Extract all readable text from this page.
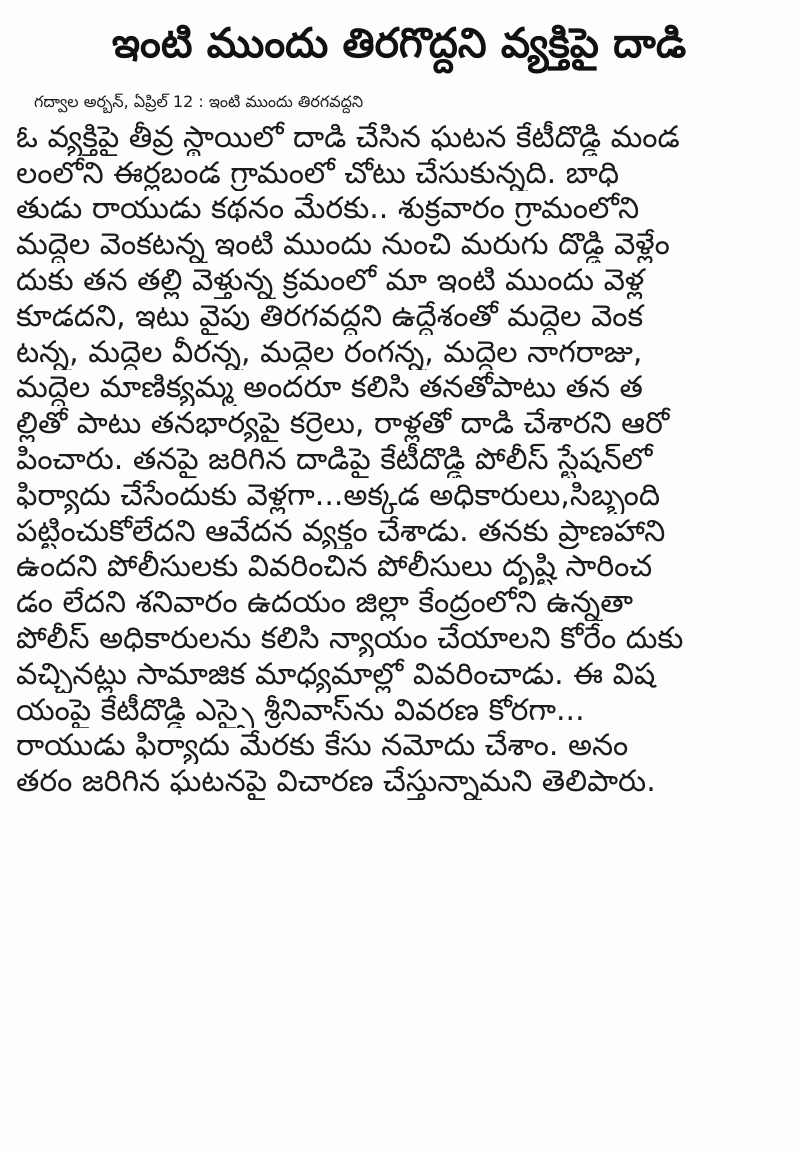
ఇంటి ముందు తిరగొద్దని వ్యక్తిపై దాడి
గద్వాల అర్బన్, ఏప్రిల్ 12 : ఇంటి ముందు తిరగవద్దని
ఓ వ్యక్తిపై తీవ్ర స్థాయిలో దాడి చేసిన ఘటన కేటీదొడ్డి మండ
లంలోని ఈర్లబండ గ్రామంలో చోటు చేసుకున్నది. బాధి
తుడు రాయుడు కథనం మేరకు.. శుక్రవారం గ్రామంలోని
మద్దెల వెంకటన్న ఇంటి ముందు నుంచి మరుగు దొడ్డి వెళ్లేం
దుకు తన తల్లి వెళ్తున్న క్రమంలో మా ఇంటి ముందు వెళ్ల
కూడదని, ఇటు వైపు తిరగవద్దని ఉద్దేశంతో మద్దెల వెంక
టన్న, మద్దెల వీరన్న, మద్దెల రంగన్న, మద్దెల నాగరాజు,
మద్దెల మాణిక్యమ్మ అందరూ కలిసి తనతోపాటు తన త
ల్లితో పాటు తనభార్యపై కర్రెలు, రాళ్లతో దాడి చేశారని ఆరో
పించారు. తనపై జరిగిన దాడిపై కేటీదొడ్డి పోలీస్ స్టేషన్‌లో
ఫిర్యాదు చేసేందుకు వెళ్లగా...అక్కడ అధికారులు,సిబ్బంది
పట్టించుకోలేదని ఆవేదన వ్యక్తం చేశాడు. తనకు ప్రాణహాని
ఉందని పోలీసులకు వివరించిన పోలీసులు దృష్టి సారించ
డం లేదని శనివారం ఉదయం జిల్లా కేంద్రంలోని ఉన్నతా
పోలీస్ అధికారులను కలిసి న్యాయం చేయాలని కోరేం దుకు
వచ్చినట్లు సామాజిక మాధ్యమాల్లో వివరించాడు. ఈ విష
యంపై కేటీదొడ్డి ఎస్సై శ్రీనివాస్‌ను వివరణ కోరగా...
రాయుడు ఫిర్యాదు మేరకు కేసు నమోదు చేశాం. అనం
తరం జరిగిన ఘటనపై విచారణ చేస్తున్నామని తెలిపారు.
